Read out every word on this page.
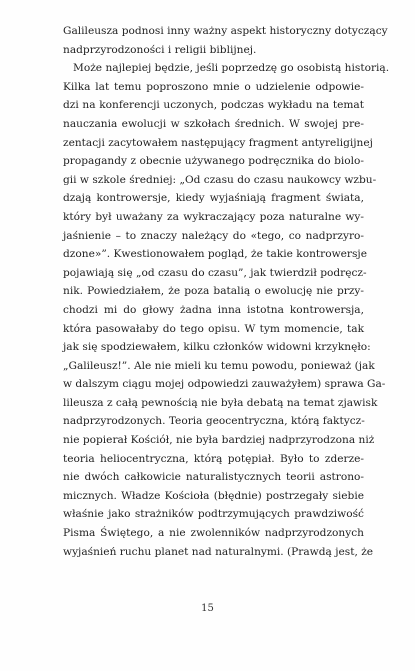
Galileusza podnosi inny ważny aspekt historyczny dotyczący
nadprzyrodzoności i religii biblijnej.
Może najlepiej będzie, jeśli poprzedzę go osobistą historią.
Kilka lat temu poproszono mnie o udzielenie odpowie-
dzi na konferencji uczonych, podczas wykładu na temat
nauczania ewolucji w szkołach średnich. W swojej pre-
zentacji zacytowałem następujący fragment antyreligijnej
propagandy z obecnie używanego podręcznika do biolo-
gii w szkole średniej: „Od czasu do czasu naukowcy wzbu-
dzają kontrowersje, kiedy wyjaśniają fragment świata,
który był uważany za wykraczający poza naturalne wy-
jaśnienie – to znaczy należący do «tego, co nadprzyro-
dzone»”. Kwestionowałem pogląd, że takie kontrowersje
pojawiają się „od czasu do czasu”, jak twierdził podręcz-
nik. Powiedziałem, że poza batalią o ewolucję nie przy-
chodzi mi do głowy żadna inna istotna kontrowersja,
która pasowałaby do tego opisu. W tym momencie, tak
jak się spodziewałem, kilku członków widowni krzyknęło:
„Galileusz!”. Ale nie mieli ku temu powodu, ponieważ (jak
w dalszym ciągu mojej odpowiedzi zauważyłem) sprawa Ga-
lileusza z całą pewnością nie była debatą na temat zjawisk
nadprzyrodzonych. Teoria geocentryczna, którą faktycz-
nie popierał Kościół, nie była bardziej nadprzyrodzona niż
teoria heliocentryczna, którą potępiał. Było to zderze-
nie dwóch całkowicie naturalistycznych teorii astrono-
micznych. Władze Kościoła (błędnie) postrzegały siebie
właśnie jako strażników podtrzymujących prawdziwość
Pisma Świętego, a nie zwolenników nadprzyrodzonych
wyjaśnień ruchu planet nad naturalnymi. (Prawdą jest, że
15
